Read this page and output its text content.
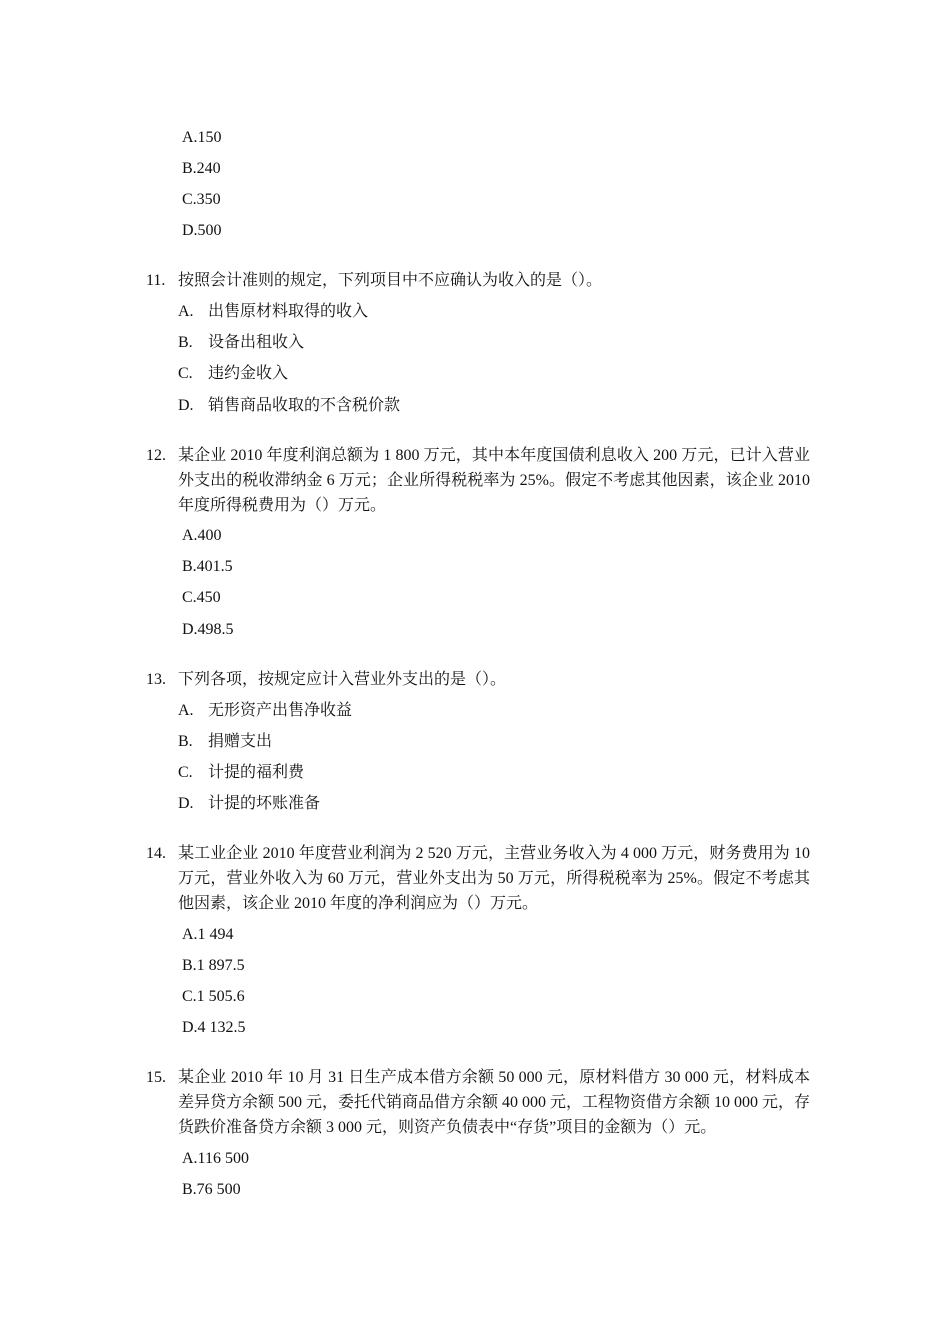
A.150
B.240
C.350
D.500
11. 按照会计准则的规定，下列项目中不应确认为收入的是（）。
A. 出售原材料取得的收入
B. 设备出租收入
C. 违约金收入
D. 销售商品收取的不含税价款
12. 某企业 2010 年度利润总额为 1 800 万元，其中本年度国债利息收入 200 万元，已计入营业外支出的税收滞纳金 6 万元；企业所得税税率为 25%。假定不考虑其他因素，该企业 2010 年度所得税费用为（）万元。
A.400
B.401.5
C.450
D.498.5
13. 下列各项，按规定应计入营业外支出的是（）。
A. 无形资产出售净收益
B. 捐赠支出
C. 计提的福利费
D. 计提的坏账准备
14. 某工业企业 2010 年度营业利润为 2 520 万元，主营业务收入为 4 000 万元，财务费用为 10 万元，营业外收入为 60 万元，营业外支出为 50 万元，所得税税率为 25%。假定不考虑其他因素，该企业 2010 年度的净利润应为（）万元。
A.1 494
B.1 897.5
C.1 505.6
D.4 132.5
15. 某企业 2010 年 10 月 31 日生产成本借方余额 50 000 元，原材料借方 30 000 元，材料成本差异贷方余额 500 元，委托代销商品借方余额 40 000 元，工程物资借方余额 10 000 元，存货跌价准备贷方余额 3 000 元，则资产负债表中“存货”项目的金额为（）元。
A.116 500
B.76 500
